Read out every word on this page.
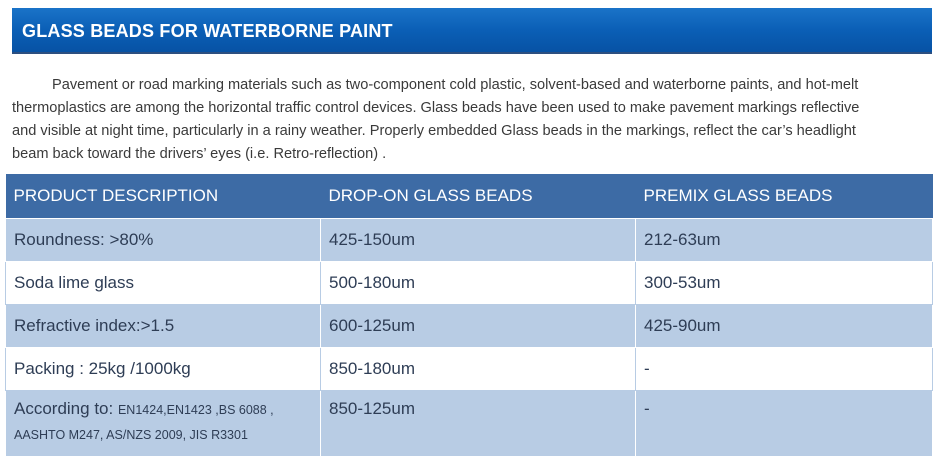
GLASS BEADS FOR WATERBORNE PAINT
Pavement or road marking materials such as two-component cold plastic, solvent-based and waterborne paints, and hot-melt
thermoplastics are among the horizontal traffic control devices. Glass beads have been used to make pavement markings reflective
and visible at night time, particularly in a rainy weather. Properly embedded Glass beads in the markings, reflect the car’s headlight
beam back toward the drivers’ eyes (i.e. Retro-reflection) .
PRODUCT DESCRIPTION	DROP-ON GLASS BEADS	PREMIX GLASS BEADS
Roundness: >80%	425-150um	212-63um
Soda lime glass	500-180um	300-53um
Refractive index:>1.5	600-125um	425-90um
Packing : 25kg /1000kg	850-180um	-
According to: EN1424,EN1423 ,BS 6088 ,
AASHTO M247, AS/NZS 2009, JIS R3301	850-125um	-
